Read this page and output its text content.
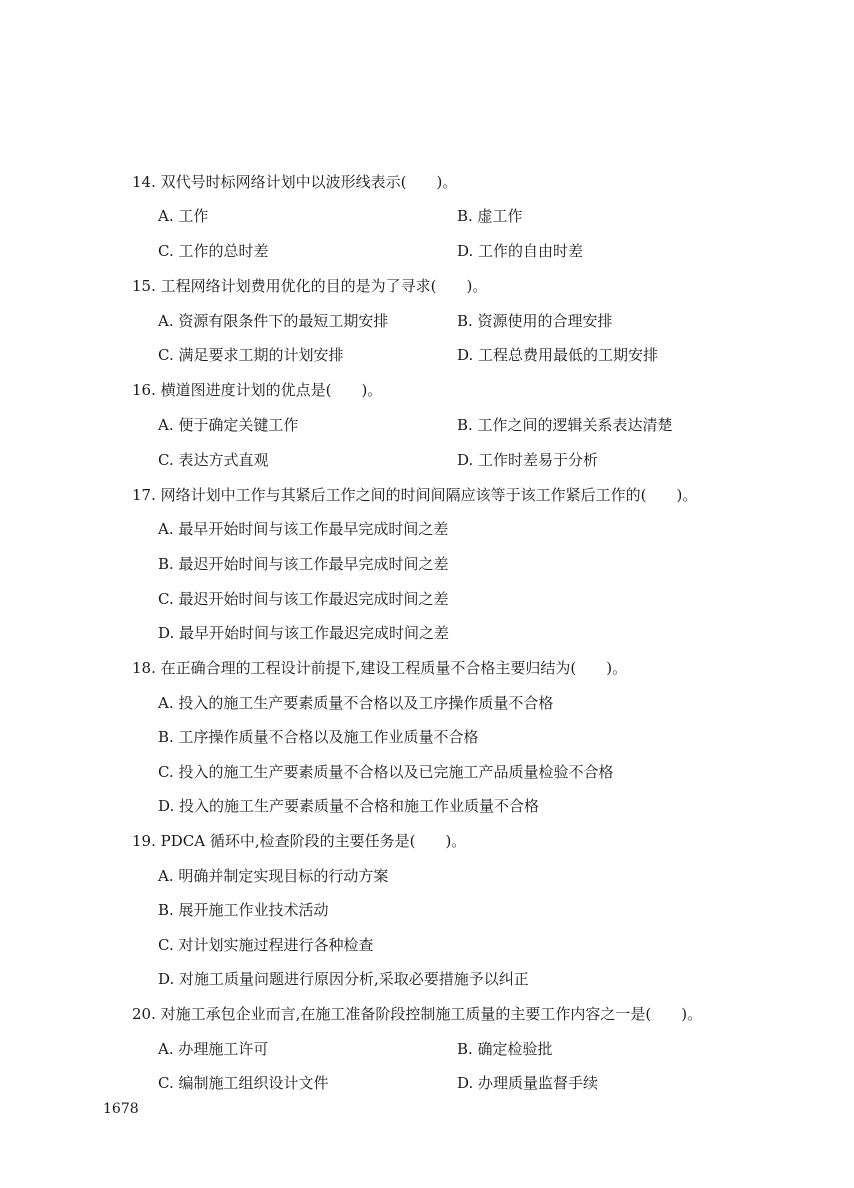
14. 双代号时标网络计划中以波形线表示(　　)。
A. 工作	B. 虚工作
C. 工作的总时差	D. 工作的自由时差
15. 工程网络计划费用优化的目的是为了寻求(　　)。
A. 资源有限条件下的最短工期安排	B. 资源使用的合理安排
C. 满足要求工期的计划安排	D. 工程总费用最低的工期安排
16. 横道图进度计划的优点是(　　)。
A. 便于确定关键工作	B. 工作之间的逻辑关系表达清楚
C. 表达方式直观	D. 工作时差易于分析
17. 网络计划中工作与其紧后工作之间的时间间隔应该等于该工作紧后工作的(　　)。
A. 最早开始时间与该工作最早完成时间之差
B. 最迟开始时间与该工作最早完成时间之差
C. 最迟开始时间与该工作最迟完成时间之差
D. 最早开始时间与该工作最迟完成时间之差
18. 在正确合理的工程设计前提下,建设工程质量不合格主要归结为(　　)。
A. 投入的施工生产要素质量不合格以及工序操作质量不合格
B. 工序操作质量不合格以及施工作业质量不合格
C. 投入的施工生产要素质量不合格以及已完施工产品质量检验不合格
D. 投入的施工生产要素质量不合格和施工作业质量不合格
19. PDCA 循环中,检查阶段的主要任务是(　　)。
A. 明确并制定实现目标的行动方案
B. 展开施工作业技术活动
C. 对计划实施过程进行各种检查
D. 对施工质量问题进行原因分析,采取必要措施予以纠正
20. 对施工承包企业而言,在施工准备阶段控制施工质量的主要工作内容之一是(　　)。
A. 办理施工许可	B. 确定检验批
C. 编制施工组织设计文件	D. 办理质量监督手续
1678
